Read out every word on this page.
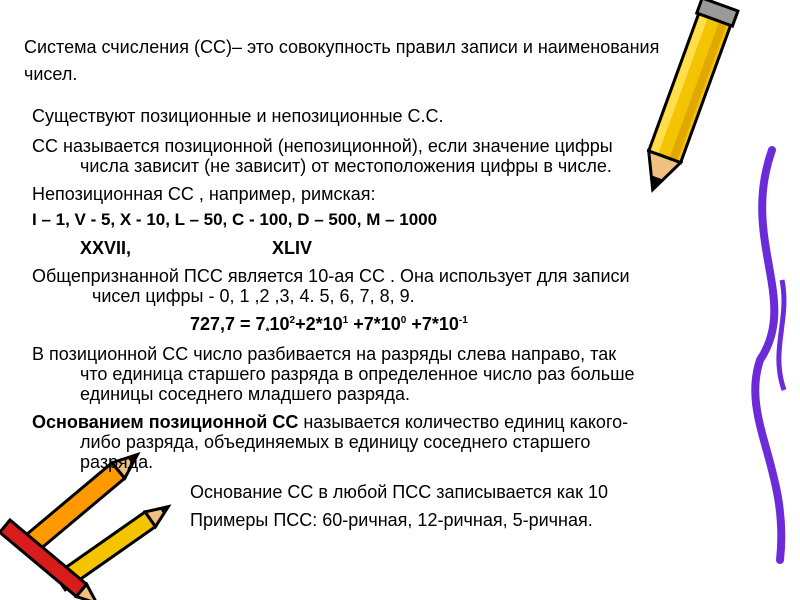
Система счисления (СС)– это совокупность правил записи и наименования чисел.
Существуют позиционные и непозиционные С.С.
СС называется позиционной (непозиционной), если значение цифры
числа зависит (не зависит) от местоположения цифры в числе.
Непозиционная СС , например, римская:
I – 1, V - 5, X - 10, L – 50, C - 100, D – 500, M – 1000
XXVII,	XLIV
Общепризнанной ПСС является 10-ая СС . Она использует для записи
чисел цифры - 0, 1 ,2 ,3, 4. 5, 6, 7, 8, 9.
$727,7 = 7_*10^2+2*10^1 +7*10^0 +7*10^{-1}$
В позиционной СС число разбивается на разряды слева направо, так
что единица старшего разряда в определенное число раз больше
единицы соседнего младшего разряда.
Основанием позиционной СС называется количество единиц какого-
либо разряда, объединяемых в единицу соседнего старшего
разряда.
Основание СС в любой ПСС записывается как 10
Примеры ПСС: 60-ричная, 12-ричная, 5-ричная.
